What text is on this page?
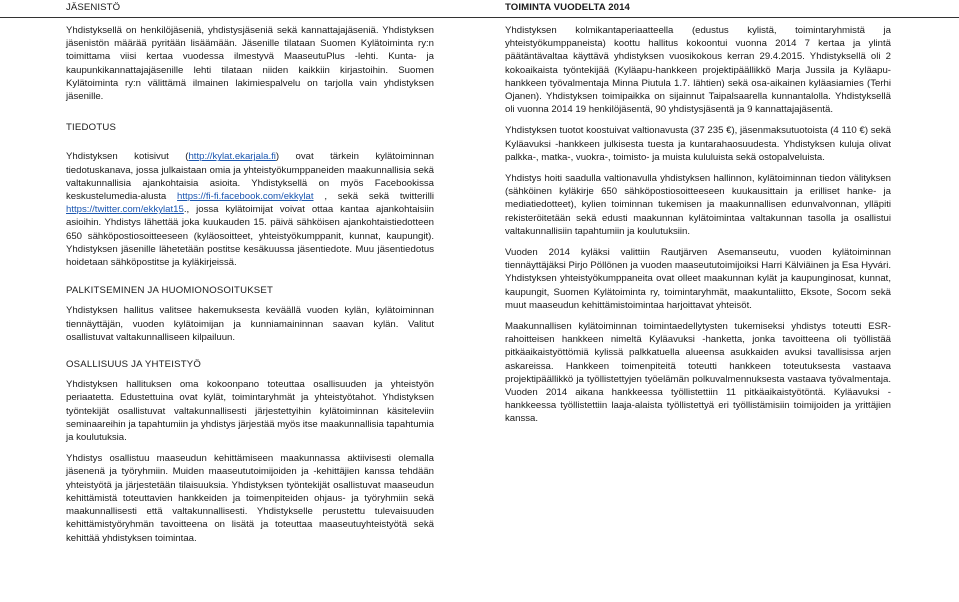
JÄSENISTÖ

Yhdistyksellä on henkilöjäseniä, yhdistysjäseniä sekä kannattajajäseniä. Yhdistyksen jäsenistön määrää pyritään lisäämään. Jäsenille tilataan Suomen Kylätoiminta ry:n toimittama viisi kertaa vuodessa ilmestyvä MaaseutuPlus -lehti. Kunta- ja kaupunkikannattajajäsenille lehti tilataan niiden kaikkiin kirjastoihin. Suomen Kylätoiminta ry:n välittämä ilmainen lakimiespalvelu on tarjolla vain yhdistyksen jäsenille.

TIEDOTUS

Yhdistyksen kotisivut (http://kylat.ekarjala.fi) ovat tärkein kylätoiminnan tiedotuskanava, jossa julkaistaan omia ja yhteistyökumppaneiden maakunnallisia sekä valtakunnallisia ajankohtaisia asioita. Yhdistyksellä on myös Facebookissa keskustelumedia-alusta https://fi-fi.facebook.com/ekkylat , sekä sekä twitterilli https://twitter.com/ekkylat15., jossa kylätoimijat voivat ottaa kantaa ajankohtaisiin asioihin. Yhdistys lähettää joka kuukauden 15. päivä sähköisen ajankohtaistiedotteen 650 sähköpostiosoitteeseen (kyläosoitteet, yhteistyökumppanit, kunnat, kaupungit). Yhdistyksen jäsenille lähetetään postitse kesäkuussa jäsentiedote. Muu jäsentiedotus hoidetaan sähköpostitse ja kyläkirjeissä.

PALKITSEMINEN JA HUOMIONOSOITUKSET

Yhdistyksen hallitus valitsee hakemuksesta keväällä vuoden kylän, kylätoiminnan tiennäyttäjän, vuoden kylätoimijan ja kunniamaininnan saavan kylän. Valitut osallistuvat valtakunnalliseen kilpailuun.

OSALLISUUS JA YHTEISTYÖ

Yhdistyksen hallituksen oma kokoonpano toteuttaa osallisuuden ja yhteistyön periaatetta. Edustettuina ovat kylät, toimintaryhmät ja yhteistyötahot. Yhdistyksen työntekijät osallistuvat valtakunnallisesti järjestettyihin kylätoiminnan käsiteleviin seminaareihin ja tapahtumiin ja yhdistys järjestää myös itse maakunnallisia tapahtumia ja koulutuksia.

Yhdistys osallistuu maaseudun kehittämiseen maakunnassa aktiivisesti olemalla jäsenenä ja työryhmiin. Muiden maaseututoimijoiden ja -kehittäjien kanssa tehdään yhteistyötä ja järjestetään tilaisuuksia. Yhdistyksen työntekijät osallistuvat maaseudun kehittämistä toteuttavien hankkeiden ja toimenpiteiden ohjaus- ja työryhmiin sekä maakunnallisesti että valtakunnallisesti. Yhdistykselle perustettu tulevaisuuden kehittämistyöryhmän tavoitteena on lisätä ja toteuttaa maaseutuyhteistyötä sekä kehittää yhdistyksen toimintaa.

TOIMINTA VUODELTA 2014

Yhdistyksen kolmikantaperiaatteella (edustus kylistä, toimintaryhmistä ja yhteistyökumppaneista) koottu hallitus kokoontui vuonna 2014 7 kertaa ja ylintä päätäntävaltaa käyttävä yhdistyksen vuosikokous kerran 29.4.2015. Yhdistyksellä oli 2 kokoaikaista työntekijää (Kyläapu-hankkeen projektipäällikkö Marja Jussila ja Kyläapu-hankkeen työvalmentaja Minna Piutula 1.7. lähtien) sekä osa-aikainen kyläasiamies (Terhi Ojanen). Yhdistyksen toimipaikka on sijainnut Taipalsaarella kunnantalolla. Yhdistyksellä oli vuonna 2014 19 henkilöjäsentä, 90 yhdistysjäsentä ja 9 kannattajajäsentä.

Yhdistyksen tuotot koostuivat valtionavusta (37 235 €), jäsenmaksutuotoista (4 110 €) sekä Kyläavuksi -hankkeen julkisesta tuesta ja kuntarahaosuudesta. Yhdistyksen kuluja olivat palkka-, matka-, vuokra-, toimisto- ja muista kululuista sekä ostopalveluista.

Yhdistys hoiti saadulla valtionavulla yhdistyksen hallinnon, kylätoiminnan tiedon välityksen (sähköinen kyläkirje 650 sähköpostiosoitteeseen kuukausittain ja erilliset hanke- ja mediatiedotteet), kylien toiminnan tukemisen ja maakunnallisen edunvalvonnan, ylläpiti rekisteröitetään sekä edusti maakunnan kylätoimintaa valtakunnan tasolla ja osallistui valtakunnallisiin tapahtumiin ja koulutuksiin.

Vuoden 2014 kyläksi valittiin Rautjärven Asemanseutu, vuoden kylätoiminnan tiennäyttäjäksi Pirjo Pöllönen ja vuoden maaseututoimijoiksi Harri Kälviäinen ja Esa Hyvári. Yhdistyksen yhteistyökumppaneita ovat olleet maakunnan kylät ja kaupunginosat, kunnat, kaupungit, Suomen Kylätoiminta ry, toimintaryhmät, maakuntaliitto, Eksote, Socom sekä muut maaseudun kehittämistoimintaa harjoittavat yhteisöt.

Maakunnallisen kylätoiminnan toimintaedellytysten tukemiseksi yhdistys toteutti ESR-rahoitteisen hankkeen nimeltä Kyläavuksi -hanketta, jonka tavoitteena oli työllistää pitkäaikaistyöttömiä kylissä palkkatuella alueensa asukkaiden avuksi tavallisissa arjen askareissa. Hankkeen toimenpiteitä toteutti hankkeen toteutuksesta vastaava projektipäällikkö ja työllistettyjen työelämän polkuvalmennuksesta vastaava työvalmentaja. Vuoden 2014 aikana hankkeessa työllistettiin 11 pitkäaikaistyötöntä. Kyläavuksi -hankkeessa työllistettiin laaja-alaista työllistettyä eri työllistämisiin toimijoiden ja yrittäjien kanssa.
